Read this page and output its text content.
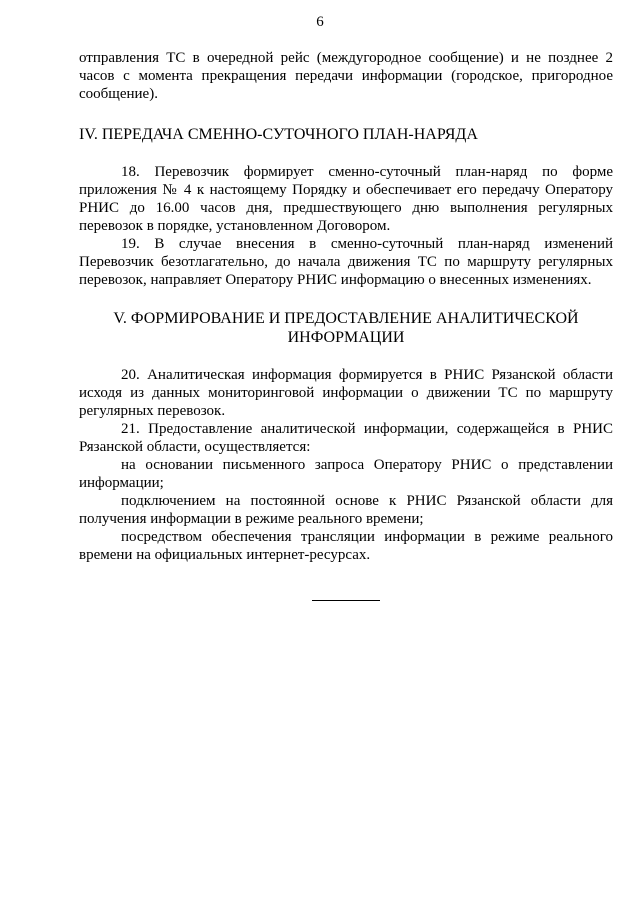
6

отправления ТС в очередной рейс (междугородное сообщение) и не позднее 2 часов с момента прекращения передачи информации (городское, пригородное сообщение).

IV. ПЕРЕДАЧА СМЕННО-СУТОЧНОГО ПЛАН-НАРЯДА

18. Перевозчик формирует сменно-суточный план-наряд по форме приложения № 4 к настоящему Порядку и обеспечивает его передачу Оператору РНИС до 16.00 часов дня, предшествующего дню выполнения регулярных перевозок в порядке, установленном Договором.

19. В случае внесения в сменно-суточный план-наряд изменений Перевозчик безотлагательно, до начала движения ТС по маршруту регулярных перевозок, направляет Оператору РНИС информацию о внесенных изменениях.

V. ФОРМИРОВАНИЕ И ПРЕДОСТАВЛЕНИЕ АНАЛИТИЧЕСКОЙ
ИНФОРМАЦИИ

20. Аналитическая информация формируется в РНИС Рязанской области исходя из данных мониторинговой информации о движении ТС по маршруту регулярных перевозок.

21. Предоставление аналитической информации, содержащейся в РНИС Рязанской области, осуществляется:

на основании письменного запроса Оператору РНИС о представлении информации;

подключением на постоянной основе к РНИС Рязанской области для получения информации в режиме реального времени;

посредством обеспечения трансляции информации в режиме реального времени на официальных интернет-ресурсах.
